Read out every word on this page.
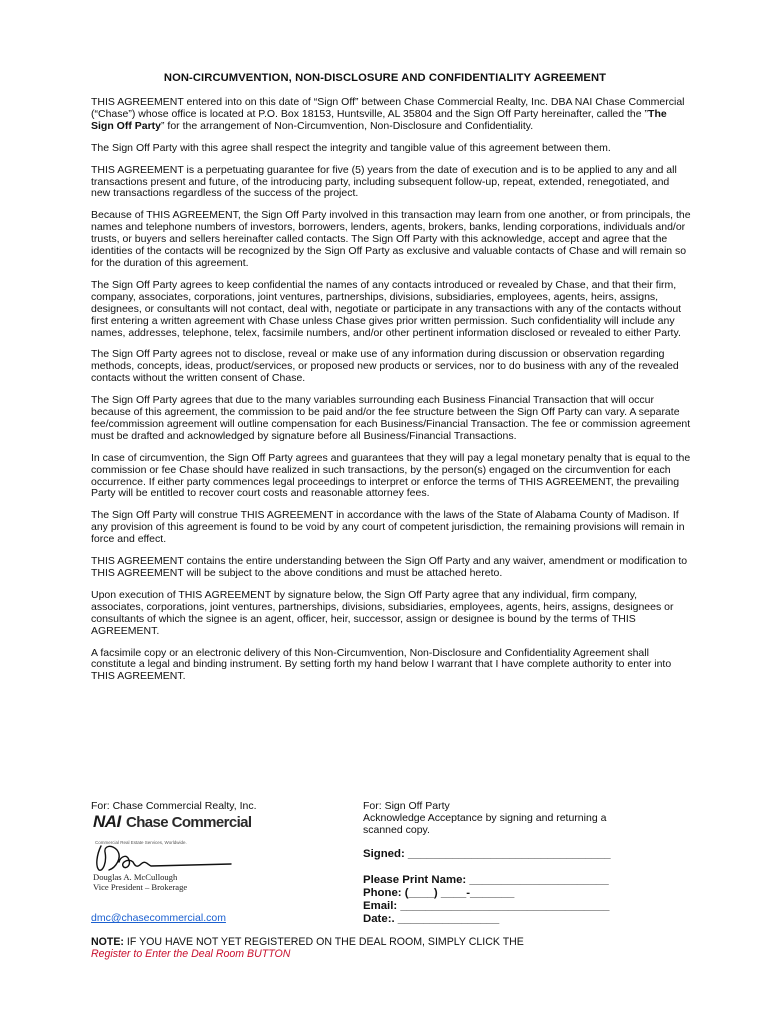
NON-CIRCUMVENTION, NON-DISCLOSURE AND CONFIDENTIALITY AGREEMENT

THIS AGREEMENT entered into on this date of “Sign Off” between Chase Commercial Realty, Inc. DBA NAI Chase Commercial (“Chase”) whose office is located at P.O. Box 18153, Huntsville, AL 35804 and the Sign Off Party hereinafter, called the ”The Sign Off Party” for the arrangement of Non-Circumvention, Non-Disclosure and Confidentiality.

The Sign Off Party with this agree shall respect the integrity and tangible value of this agreement between them.

THIS AGREEMENT is a perpetuating guarantee for five (5) years from the date of execution and is to be applied to any and all transactions present and future, of the introducing party, including subsequent follow-up, repeat, extended, renegotiated, and new transactions regardless of the success of the project.

Because of THIS AGREEMENT, the Sign Off Party involved in this transaction may learn from one another, or from principals, the names and telephone numbers of investors, borrowers, lenders, agents, brokers, banks, lending corporations, individuals and/or trusts, or buyers and sellers hereinafter called contacts. The Sign Off Party with this acknowledge, accept and agree that the identities of the contacts will be recognized by the Sign Off Party as exclusive and valuable contacts of Chase and will remain so for the duration of this agreement.

The Sign Off Party agrees to keep confidential the names of any contacts introduced or revealed by Chase, and that their firm, company, associates, corporations, joint ventures, partnerships, divisions, subsidiaries, employees, agents, heirs, assigns, designees, or consultants will not contact, deal with, negotiate or participate in any transactions with any of the contacts without first entering a written agreement with Chase unless Chase gives prior written permission. Such confidentiality will include any names, addresses, telephone, telex, facsimile numbers, and/or other pertinent information disclosed or revealed to either Party.

The Sign Off Party agrees not to disclose, reveal or make use of any information during discussion or observation regarding methods, concepts, ideas, product/services, or proposed new products or services, nor to do business with any of the revealed contacts without the written consent of Chase.

The Sign Off Party agrees that due to the many variables surrounding each Business Financial Transaction that will occur because of this agreement, the commission to be paid and/or the fee structure between the Sign Off Party can vary. A separate fee/commission agreement will outline compensation for each Business/Financial Transaction. The fee or commission agreement must be drafted and acknowledged by signature before all Business/Financial Transactions.

In case of circumvention, the Sign Off Party agrees and guarantees that they will pay a legal monetary penalty that is equal to the commission or fee Chase should have realized in such transactions, by the person(s) engaged on the circumvention for each occurrence. If either party commences legal proceedings to interpret or enforce the terms of THIS AGREEMENT, the prevailing Party will be entitled to recover court costs and reasonable attorney fees.

The Sign Off Party will construe THIS AGREEMENT in accordance with the laws of the State of Alabama County of Madison. If any provision of this agreement is found to be void by any court of competent jurisdiction, the remaining provisions will remain in force and effect.

THIS AGREEMENT contains the entire understanding between the Sign Off Party and any waiver, amendment or modification to THIS AGREEMENT will be subject to the above conditions and must be attached hereto.

Upon execution of THIS AGREEMENT by signature below, the Sign Off Party agree that any individual, firm company, associates, corporations, joint ventures, partnerships, divisions, subsidiaries, employees, agents, heirs, assigns, designees or consultants of which the signee is an agent, officer, heir, successor, assign or designee is bound by the terms of THIS AGREEMENT.

A facsimile copy or an electronic delivery of this Non-Circumvention, Non-Disclosure and Confidentiality Agreement shall constitute a legal and binding instrument. By setting forth my hand below I warrant that I have complete authority to enter into THIS AGREEMENT.

For: Chase Commercial Realty, Inc.
NAI Chase Commercial
Commercial Real Estate Services, Worldwide.
Douglas A. McCullough
Vice President – Brokerage
dmc@chasecommercial.com
For: Sign Off Party
Acknowledge Acceptance by signing and returning a
scanned copy.
Signed: ________________________________
Please Print Name: ______________________
Phone: (____) ____-_______
Email: _________________________________
Date:. ________________
NOTE: IF YOU HAVE NOT YET REGISTERED ON THE DEAL ROOM, SIMPLY CLICK THE
Register to Enter the Deal Room BUTTON
